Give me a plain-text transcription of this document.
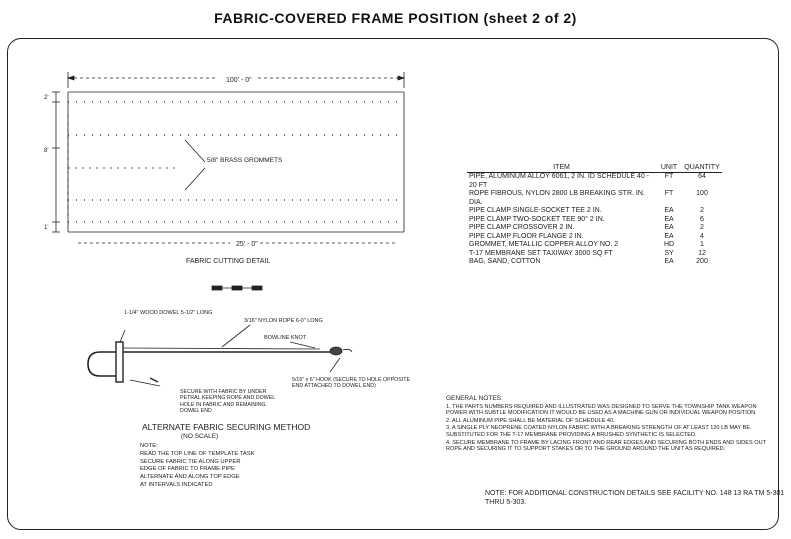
FABRIC-COVERED FRAME POSITION (sheet 2 of 2)
100' - 0"
25' - 0"
5/8" BRASS GROMMETS
2'
8'
1'
1-1/4" WOOD DOWEL 5-1/2" LONG
3/16" NYLON ROPE 6-0" LONG
BOWLINE KNOT
FABRIC CUTTING DETAIL
5/16" x 6" HOOK (SECURE TO HOLE OPPOSITE END ATTACHED TO DOWEL END)
SECURE WITH FABRIC BY UNDER PETRAL KEEPING ROPE AND DOWEL HOLE IN FABRIC AND REMAINING DOWEL END
ITEM	UNIT	QUANTITY
PIPE, ALUMINUM ALLOY 6061, 2 IN. ID SCHEDULE 40 - 20 FT	FT	64
ROPE FIBROUS, NYLON 2800 LB BREAKING STR. IN. DIA.	FT	100
PIPE CLAMP SINGLE-SOCKET TEE 2 IN.	EA	2
PIPE CLAMP TWO-SOCKET TEE 90° 2 IN.	EA	6
PIPE CLAMP CROSSOVER 2 IN.	EA	2
PIPE CLAMP FLOOR FLANGE 2 IN.	EA	4
GROMMET, METALLIC COPPER ALLOY NO. 2	HD	1
T-17 MEMBRANE SET TAXIWAY 3000 SQ FT	SY	12
BAG, SAND, COTTON	EA	200
GENERAL NOTES:

1. THE PARTS NUMBERS REQUIRED AND ILLUSTRATED WAS DESIGNED TO SERVE THE TOWNSHIP TANK WEAPON POWER WITH SUBTLE MODIFICATION IT WOULD BE USED AS A MACHINE GUN OR INDIVIDUAL WEAPON POSITION.

2. ALL ALUMINUM PIPE SHALL BE MATERIAL OF SCHEDULE 40.

3. A SINGLE PLY NEOPRENE COATED NYLON FABRIC WITH A BREAKING STRENGTH OF AT LEAST 120 LB MAY BE SUBSTITUTED FOR THE T-17 MEMBRANE PROVIDING A BRUSHED SYNTHETIC IS SELECTED.

4. SECURE MEMBRANE TO FRAME BY LACING FRONT AND REAR EDGES AND SECURING BOTH ENDS AND SIDES OUT ROPE AND SECURING IT TO SUPPORT STAKES OR TO THE GROUND AROUND THE UNIT AS REQUIRED.

ALTERNATE FABRIC SECURING METHOD
(NO SCALE)
NOTE:
READ THE TOP LINE OF TEMPLATE TASK
SECURE FABRIC TIE ALONG UPPER
EDGE OF FABRIC TO FRAME PIPE
ALTERNATE AND ALONG TOP EDGE
AT INTERVALS INDICATED
NOTE: FOR ADDITIONAL CONSTRUCTION DETAILS SEE FACILITY NO. 148 13 RA TM 5-301 THRU 5-303.
